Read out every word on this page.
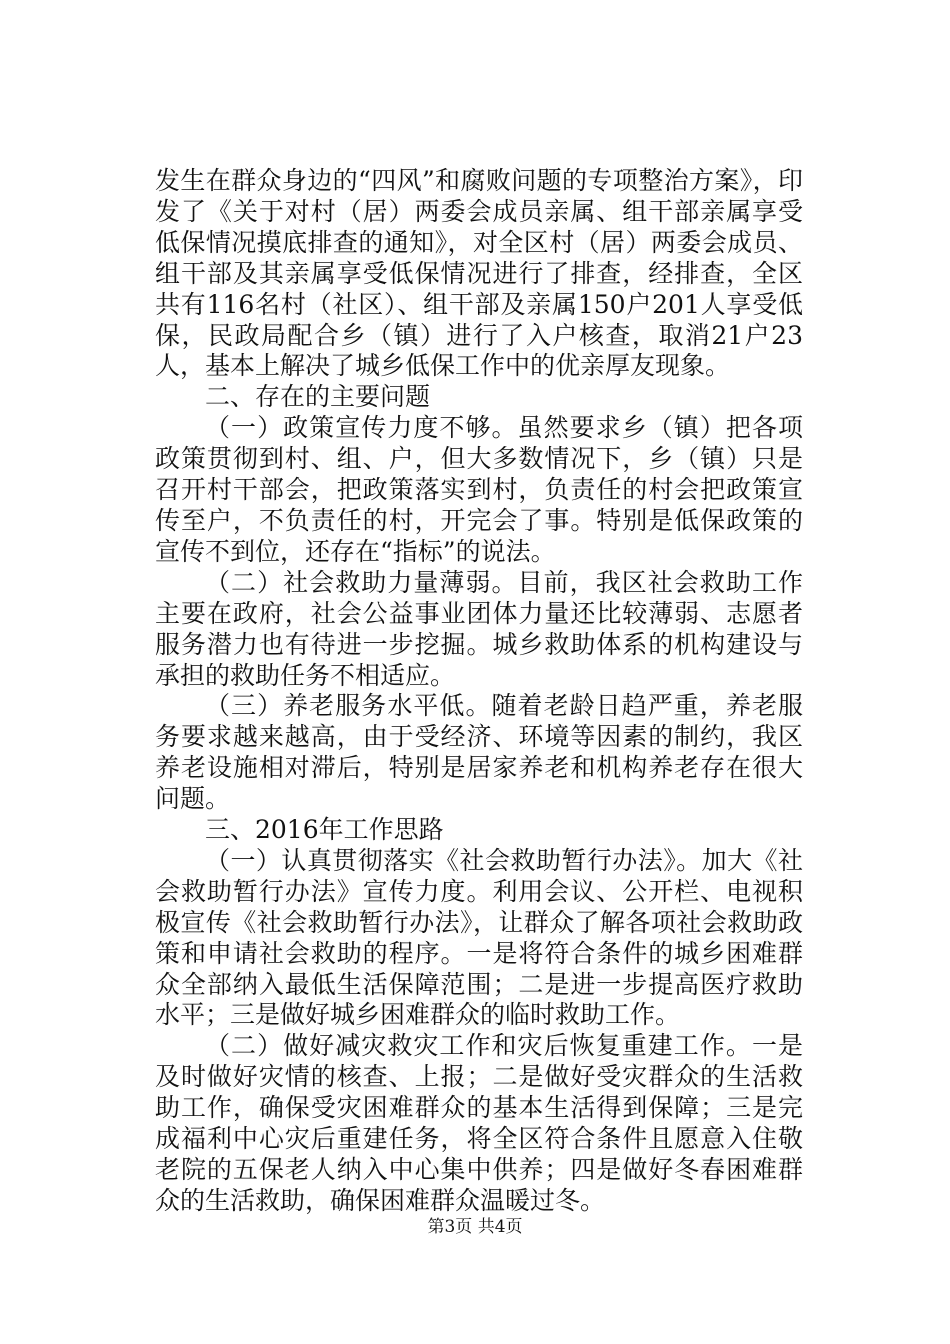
发生在群众身边的“四风”和腐败问题的专项整治方案》，印发了《关于对村（居）两委会成员亲属、组干部亲属享受低保情况摸底排查的通知》，对全区村（居）两委会成员、组干部及其亲属享受低保情况进行了排查，经排查，全区共有116名村（社区）、组干部及亲属150户201人享受低保，民政局配合乡（镇）进行了入户核查，取消21户23人，基本上解决了城乡低保工作中的优亲厚友现象。

二、存在的主要问题

（一）政策宣传力度不够。虽然要求乡（镇）把各项政策贯彻到村、组、户，但大多数情况下，乡（镇）只是召开村干部会，把政策落实到村，负责任的村会把政策宣传至户，不负责任的村，开完会了事。特别是低保政策的宣传不到位，还存在“指标”的说法。

（二）社会救助力量薄弱。目前，我区社会救助工作主要在政府，社会公益事业团体力量还比较薄弱、志愿者服务潜力也有待进一步挖掘。城乡救助体系的机构建设与承担的救助任务不相适应。

（三）养老服务水平低。随着老龄日趋严重，养老服务要求越来越高，由于受经济、环境等因素的制约，我区养老设施相对滞后，特别是居家养老和机构养老存在很大问题。

三、2016年工作思路

（一）认真贯彻落实《社会救助暂行办法》。加大《社会救助暂行办法》宣传力度。利用会议、公开栏、电视积极宣传《社会救助暂行办法》，让群众了解各项社会救助政策和申请社会救助的程序。一是将符合条件的城乡困难群众全部纳入最低生活保障范围；二是进一步提高医疗救助水平；三是做好城乡困难群众的临时救助工作。

（二）做好减灾救灾工作和灾后恢复重建工作。一是及时做好灾情的核查、上报；二是做好受灾群众的生活救助工作，确保受灾困难群众的基本生活得到保障；三是完成福利中心灾后重建任务，将全区符合条件且愿意入住敬老院的五保老人纳入中心集中供养；四是做好冬春困难群众的生活救助，确保困难群众温暖过冬。

第3页 共4页
